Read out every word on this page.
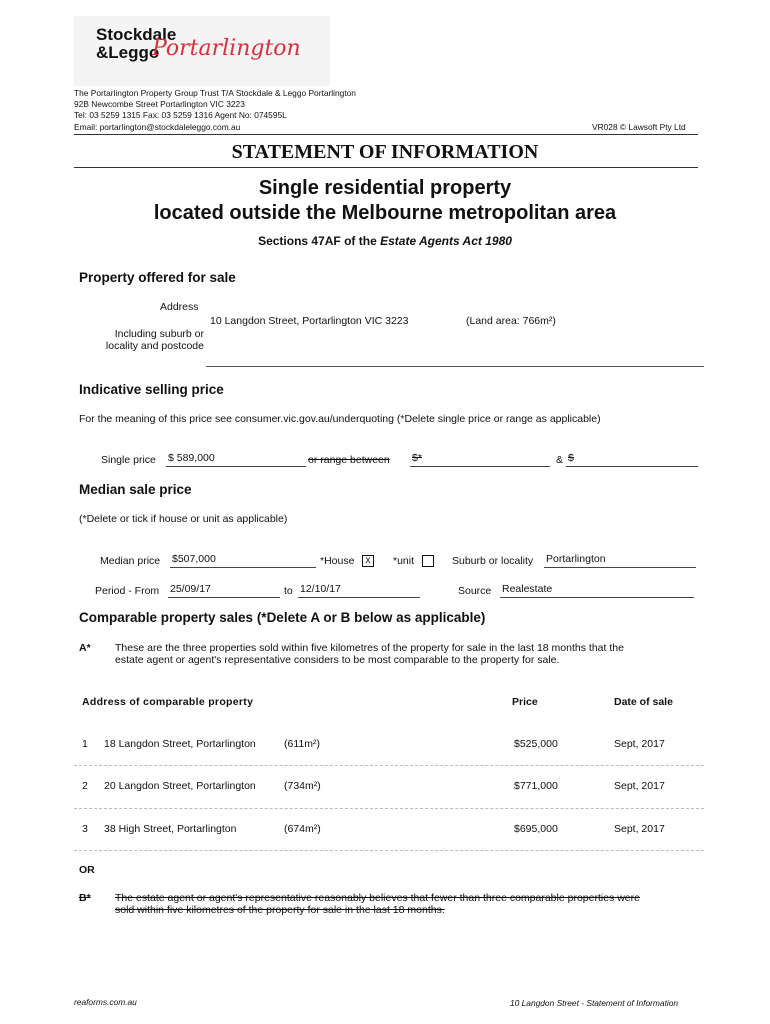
Stockdale
&Leggo
Portarlington
The Portarlington Property Group Trust T/A Stockdale & Leggo Portarlington
92B Newcombe Street Portarlington VIC 3223
Tel: 03 5259 1315 Fax: 03 5259 1316 Agent No: 074595L
Email: portarlington@stockdaleleggo.com.au	VR028 © Lawsoft Pty Ltd
STATEMENT OF INFORMATION
Single residential property
located outside the Melbourne metropolitan area
Sections 47AF of the Estate Agents Act 1980
Property offered for sale
Address
10 Langdon Street, Portarlington VIC 3223	(Land area: 766m²)
Including suburb or
locality and postcode
Indicative selling price
For the meaning of this price see consumer.vic.gov.au/underquoting (*Delete single price or range as applicable)
Single price $ 589,000	or range between $*	& $
Median sale price
(*Delete or tick if house or unit as applicable)
Median price $507,000	*House	x	*unit	Suburb or locality Portarlington
Period - From 25/09/17	to 12/10/17	Source Realestate
Comparable property sales (*Delete A or B below as applicable)
A* These are the three properties sold within five kilometres of the property for sale in the last 18 months that the
estate agent or agent's representative considers to be most comparable to the property for sale.
Address of comparable property	Price	Date of sale
1 18 Langdon Street, Portarlington	(611m²)	$525,000	Sept, 2017
2 20 Langdon Street, Portarlington	(734m²)	$771,000	Sept, 2017
3 38 High Street, Portarlington	(674m²)	$695,000	Sept, 2017
OR
B* The estate agent or agent's representative reasonably believes that fewer than three comparable properties were
sold within five kilometres of the property for sale in the last 18 months.
reaforms.com.au	10 Langdon Street - Statement of Information
